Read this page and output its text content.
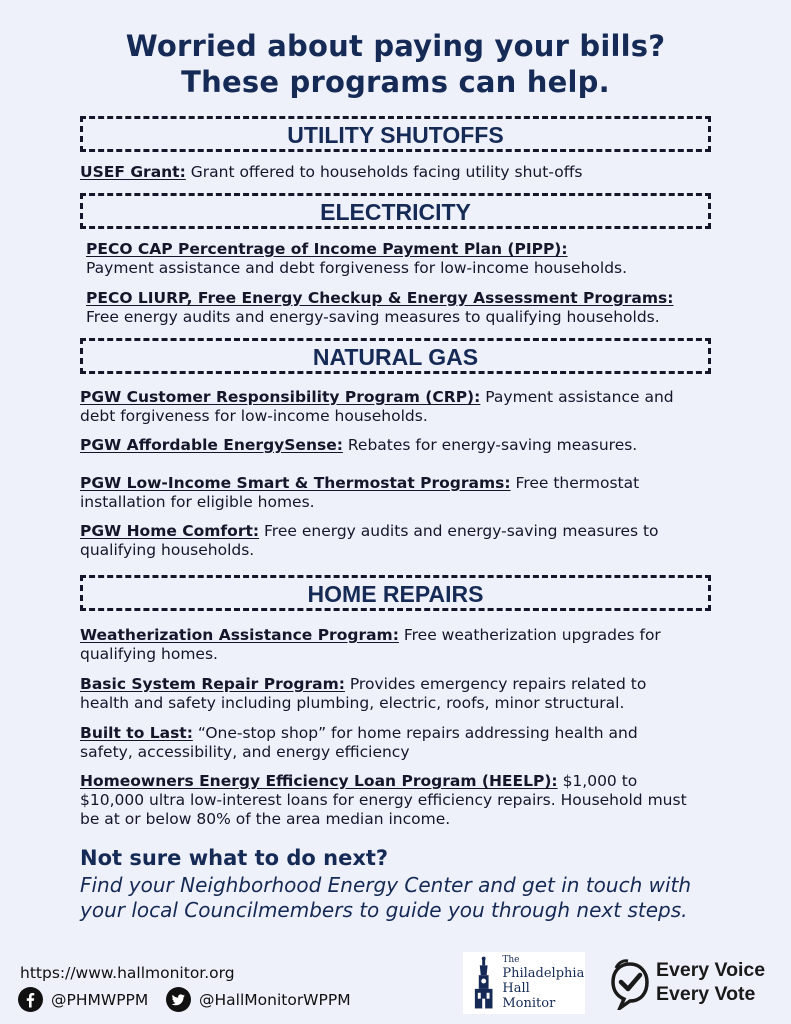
Worried about paying your bills?
These programs can help.
UTILITY SHUTOFFS
USEF Grant: Grant offered to households facing utility shut-offs
ELECTRICITY
PECO CAP Percentrage of Income Payment Plan (PIPP):
Payment assistance and debt forgiveness for low-income households.
PECO LIURP, Free Energy Checkup & Energy Assessment Programs:
Free energy audits and energy-saving measures to qualifying households.
NATURAL GAS
PGW Customer Responsibility Program (CRP): Payment assistance and debt forgiveness for low-income households.
PGW Affordable EnergySense: Rebates for energy-saving measures.
PGW Low-Income Smart & Thermostat Programs: Free thermostat installation for eligible homes.
PGW Home Comfort: Free energy audits and energy-saving measures to qualifying households.
HOME REPAIRS
Weatherization Assistance Program: Free weatherization upgrades for qualifying homes.
Basic System Repair Program: Provides emergency repairs related to health and safety including plumbing, electric, roofs, minor structural.
Built to Last: “One-stop shop” for home repairs addressing health and safety, accessibility, and energy efficiency
Homeowners Energy Efficiency Loan Program (HEELP): $1,000 to $10,000 ultra low-interest loans for energy efficiency repairs. Household must be at or below 80% of the area median income.
Not sure what to do next?
Find your Neighborhood Energy Center and get in touch with your local Councilmembers to guide you through next steps.
https://www.hallmonitor.org
@PHMWPPM	@HallMonitorWPPM
The
Philadelphia
Hall Monitor
Every Voice
Every Vote
